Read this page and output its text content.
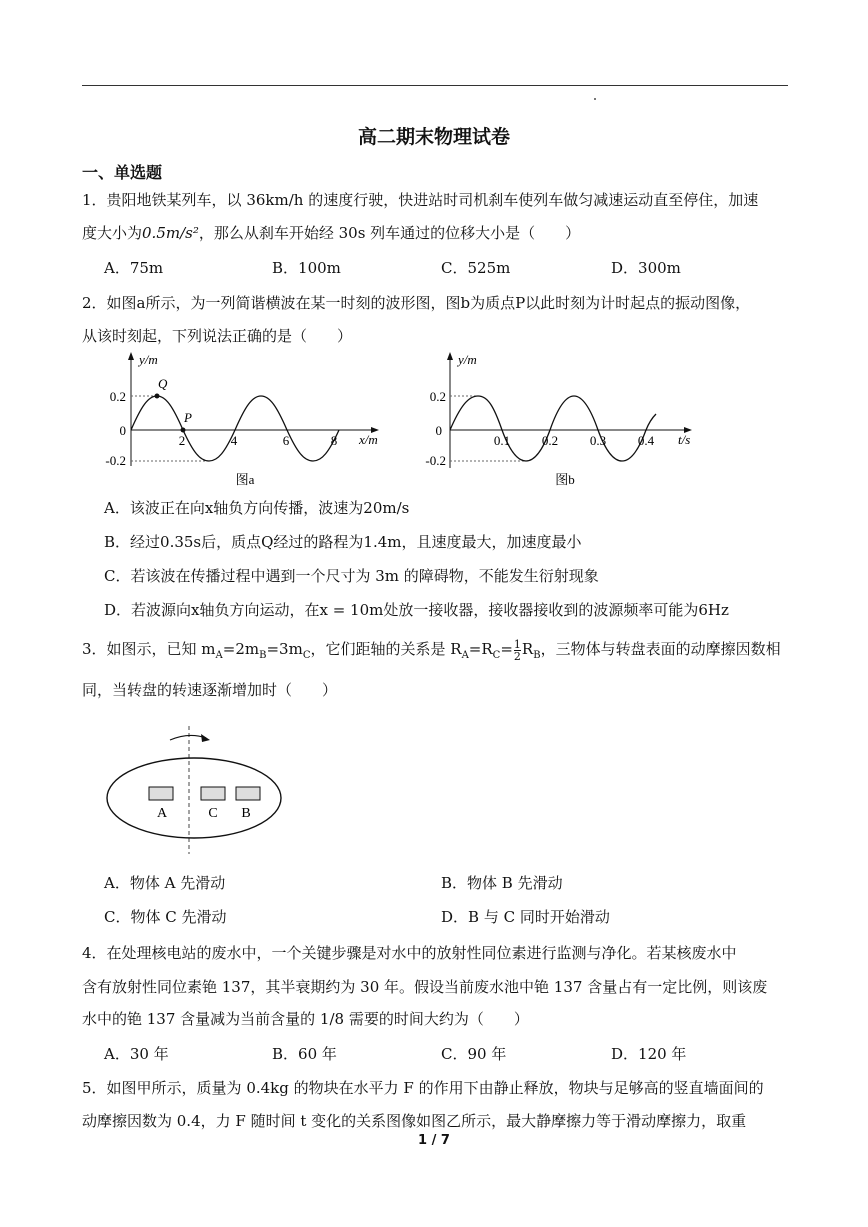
高二期末物理试卷
一、单选题
1．贵阳地铁某列车，以 36km/h 的速度行驶，快进站时司机刹车使列车做匀减速运动直至停住，加速
度大小为0.5m/s²，那么从刹车开始经 30s 列车通过的位移大小是（　　）
A．75m	B．100m	C．525m	D．300m
2．如图a所示，为一列简谐横波在某一时刻的波形图，图b为质点P以此时刻为计时起点的振动图像，
从该时刻起，下列说法正确的是（　　）
y/m
x/m
0.2
0
-0.2
Q
P
2	4	6	8
图a
y/m
t/s
0.2
0
-0.2
0.1 0.2 0.3 0.4
图b
A．该波正在向x轴负方向传播，波速为20m/s
B．经过0.35s后，质点Q经过的路程为1.4m，且速度最大，加速度最小
C．若该波在传播过程中遇到一个尺寸为 3m 的障碍物，不能发生衍射现象
D．若波源向x轴负方向运动，在x = 10m处放一接收器，接收器接收到的波源频率可能为6Hz
3．如图示，已知 $m_A=2m_B=3m_C$，它们距轴的关系是 $R_A=R_C= \frac{1}{2} R_B$，三物体与转盘表面的动摩擦因数相
同，当转盘的转速逐渐增加时（　　）
A	C B
A．物体 A 先滑动	B．物体 B 先滑动
C．物体 C 先滑动	D．B 与 C 同时开始滑动
4．在处理核电站的废水中，一个关键步骤是对水中的放射性同位素进行监测与净化。若某核废水中
含有放射性同位素铯 137，其半衰期约为 30 年。假设当前废水池中铯 137 含量占有一定比例，则该废
水中的铯 137 含量减为当前含量的 1/8 需要的时间大约为（　　）
A．30 年	B．60 年	C．90 年	D．120 年
5．如图甲所示，质量为 0.4kg 的物块在水平力 F 的作用下由静止释放，物块与足够高的竖直墙面间的
动摩擦因数为 0.4，力 F 随时间 t 变化的关系图像如图乙所示，最大静摩擦力等于滑动摩擦力，取重
1 / 7
